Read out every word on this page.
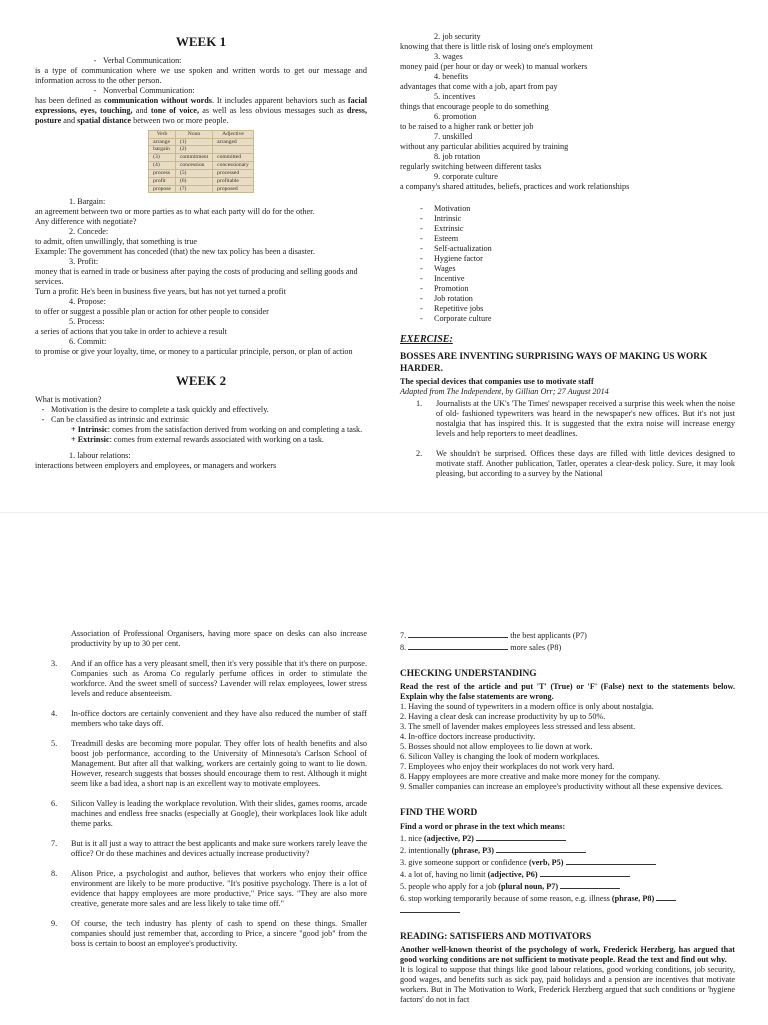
WEEK 1

- Verbal Communication:

is a type of communication where we use spoken and written words to get our message and information across to the other person.

- Nonverbal Communication:

has been defined as communication without words. It includes apparent behaviors such as facial expressions, eyes, touching, and tone of voice, as well as less obvious messages such as dress, posture and spatial distance between two or more people.

Verb	Noun	Adjective
arrange	(1)	arranged
bargain	(2)	
(3)	commitment	committed
(4)	concession	concessionary
process	(5)	processed
profit	(6)	profitable
propose	(7)	proposed

1. Bargain:

an agreement between two or more parties as to what each party will do for the other.

Any difference with negotiate?

2. Concede:

to admit, often unwillingly, that something is true

Example: The government has conceded (that) the new tax policy has been a disaster.

3. Profit:

money that is earned in trade or business after paying the costs of producing and selling goods and services.

Turn a profit: He's been in business five years, but has not yet turned a profit

4. Propose:

to offer or suggest a possible plan or action for other people to consider

5. Process:

a series of actions that you take in order to achieve a result

6. Commit:

to promise or give your loyalty, time, or money to a particular principle, person, or plan of action

WEEK 2

What is motivation?

- Motivation is the desire to complete a task quickly and effectively.

- Can be classified as intrinsic and extrinsic

+ Intrinsic: comes from the satisfaction derived from working on and completing a task.

+ Extrinsic: comes from external rewards associated with working on a task.

1. labour relations:

interactions between employers and employees, or managers and workers

2. job security

knowing that there is little risk of losing one's employment

3. wages

money paid (per hour or day or week) to manual workers

4. benefits

advantages that come with a job, apart from pay

5. incentives

things that encourage people to do something

6. promotion

to be raised to a higher rank or better job

7. unskilled

without any particular abilities acquired by training

8. job rotation

regularly switching between different tasks

9. corporate culture

a company's shared attitudes, beliefs, practices and work relationships

- Motivation
- Intrinsic
- Extrinsic
- Esteem
- Self-actualization
- Hygiene factor
- Wages
- Incentive
- Promotion
- Job rotation
- Repetitive jobs
- Corporate culture

EXERCISE:

BOSSES ARE INVENTING SURPRISING WAYS OF MAKING US WORK HARDER.

The special devices that companies use to motivate staff

Adapted from The Independent, by Gillian Orr; 27 August 2014

1. Journalists at the UK's 'The Times' newspaper received a surprise this week when the noise of old- fashioned typewriters was heard in the newspaper's new offices. But it's not just nostalgia that has inspired this. It is suggested that the extra noise will increase energy levels and help reporters to meet deadlines.
2. We shouldn't be surprised. Offices these days are filled with little devices designed to motivate staff. Another publication, Tatler, operates a clear-desk policy. Sure, it may look pleasing, but according to a survey by the National

Association of Professional Organisers, having more space on desks can also increase productivity by up to 30 per cent.

3. And if an office has a very pleasant smell, then it's very possible that it's there on purpose. Companies such as Aroma Co regularly perfume offices in order to stimulate the workforce. And the sweet smell of success? Lavender will relax employees, lower stress levels and reduce absenteeism.
4. In-office doctors are certainly convenient and they have also reduced the number of staff members who take days off.
5. Treadmill desks are becoming more popular. They offer lots of health benefits and also boost job performance, according to the University of Minnesota's Carlson School of Management. But after all that walking, workers are certainly going to want to lie down. However, research suggests that bosses should encourage them to rest. Although it might seem like a bad idea, a short nap is an excellent way to motivate employees.
6. Silicon Valley is leading the workplace revolution. With their slides, games rooms, arcade machines and endless free snacks (especially at Google), their workplaces look like adult theme parks.
7. But is it all just a way to attract the best applicants and make sure workers rarely leave the office? Or do these machines and devices actually increase productivity?
8. Alison Price, a psychologist and author, believes that workers who enjoy their office environment are likely to be more productive. "It's positive psychology. There is a lot of evidence that happy employees are more productive," Price says. "They are also more creative, generate more sales and are less likely to take time off."
9. Of course, the tech industry has plenty of cash to spend on these things. Smaller companies should just remember that, according to Price, a sincere "good job" from the boss is certain to boost an employee's productivity.

7.	the best applicants (P7)

8.	more sales (P8)

CHECKING UNDERSTANDING

Read the rest of the article and put 'T' (True) or 'F' (False) next to the statements below. Explain why the false statements are wrong.

1. Having the sound of typewriters in a modern office is only about nostalgia.

2. Having a clear desk can increase productivity by up to 50%.

3. The smell of lavender makes employees less stressed and less absent.

4. In-office doctors increase productivity.

5. Bosses should not allow employees to lie down at work.

6. Silicon Valley is changing the look of modern workplaces.

7. Employees who enjoy their workplaces do not work very hard.

8. Happy employees are more creative and make more money for the company.

9. Smaller companies can increase an employee's productivity without all these expensive devices.

FIND THE WORD

Find a word or phrase in the text which means:

1. nice (adjective, P2)

2. intentionally (phrase, P3)

3. give someone support or confidence (verb, P5)

4. a lot of, having no limit (adjective, P6)

5. people who apply for a job (plural noun, P7)

6. stop working temporarily because of some reason, e.g. illness (phrase, P8)

READING: SATISFIERS AND MOTIVATORS

Another well-known theorist of the psychology of work, Frederick Herzberg, has argued that good working conditions are not sufficient to motivate people. Read the text and find out why.

It is logical to suppose that things like good labour relations, good working conditions, job security, good wages, and benefits such as sick pay, paid holidays and a pension are incentives that motivate workers. But in The Motivation to Work, Frederick Herzberg argued that such conditions or 'hygiene factors' do not in fact
